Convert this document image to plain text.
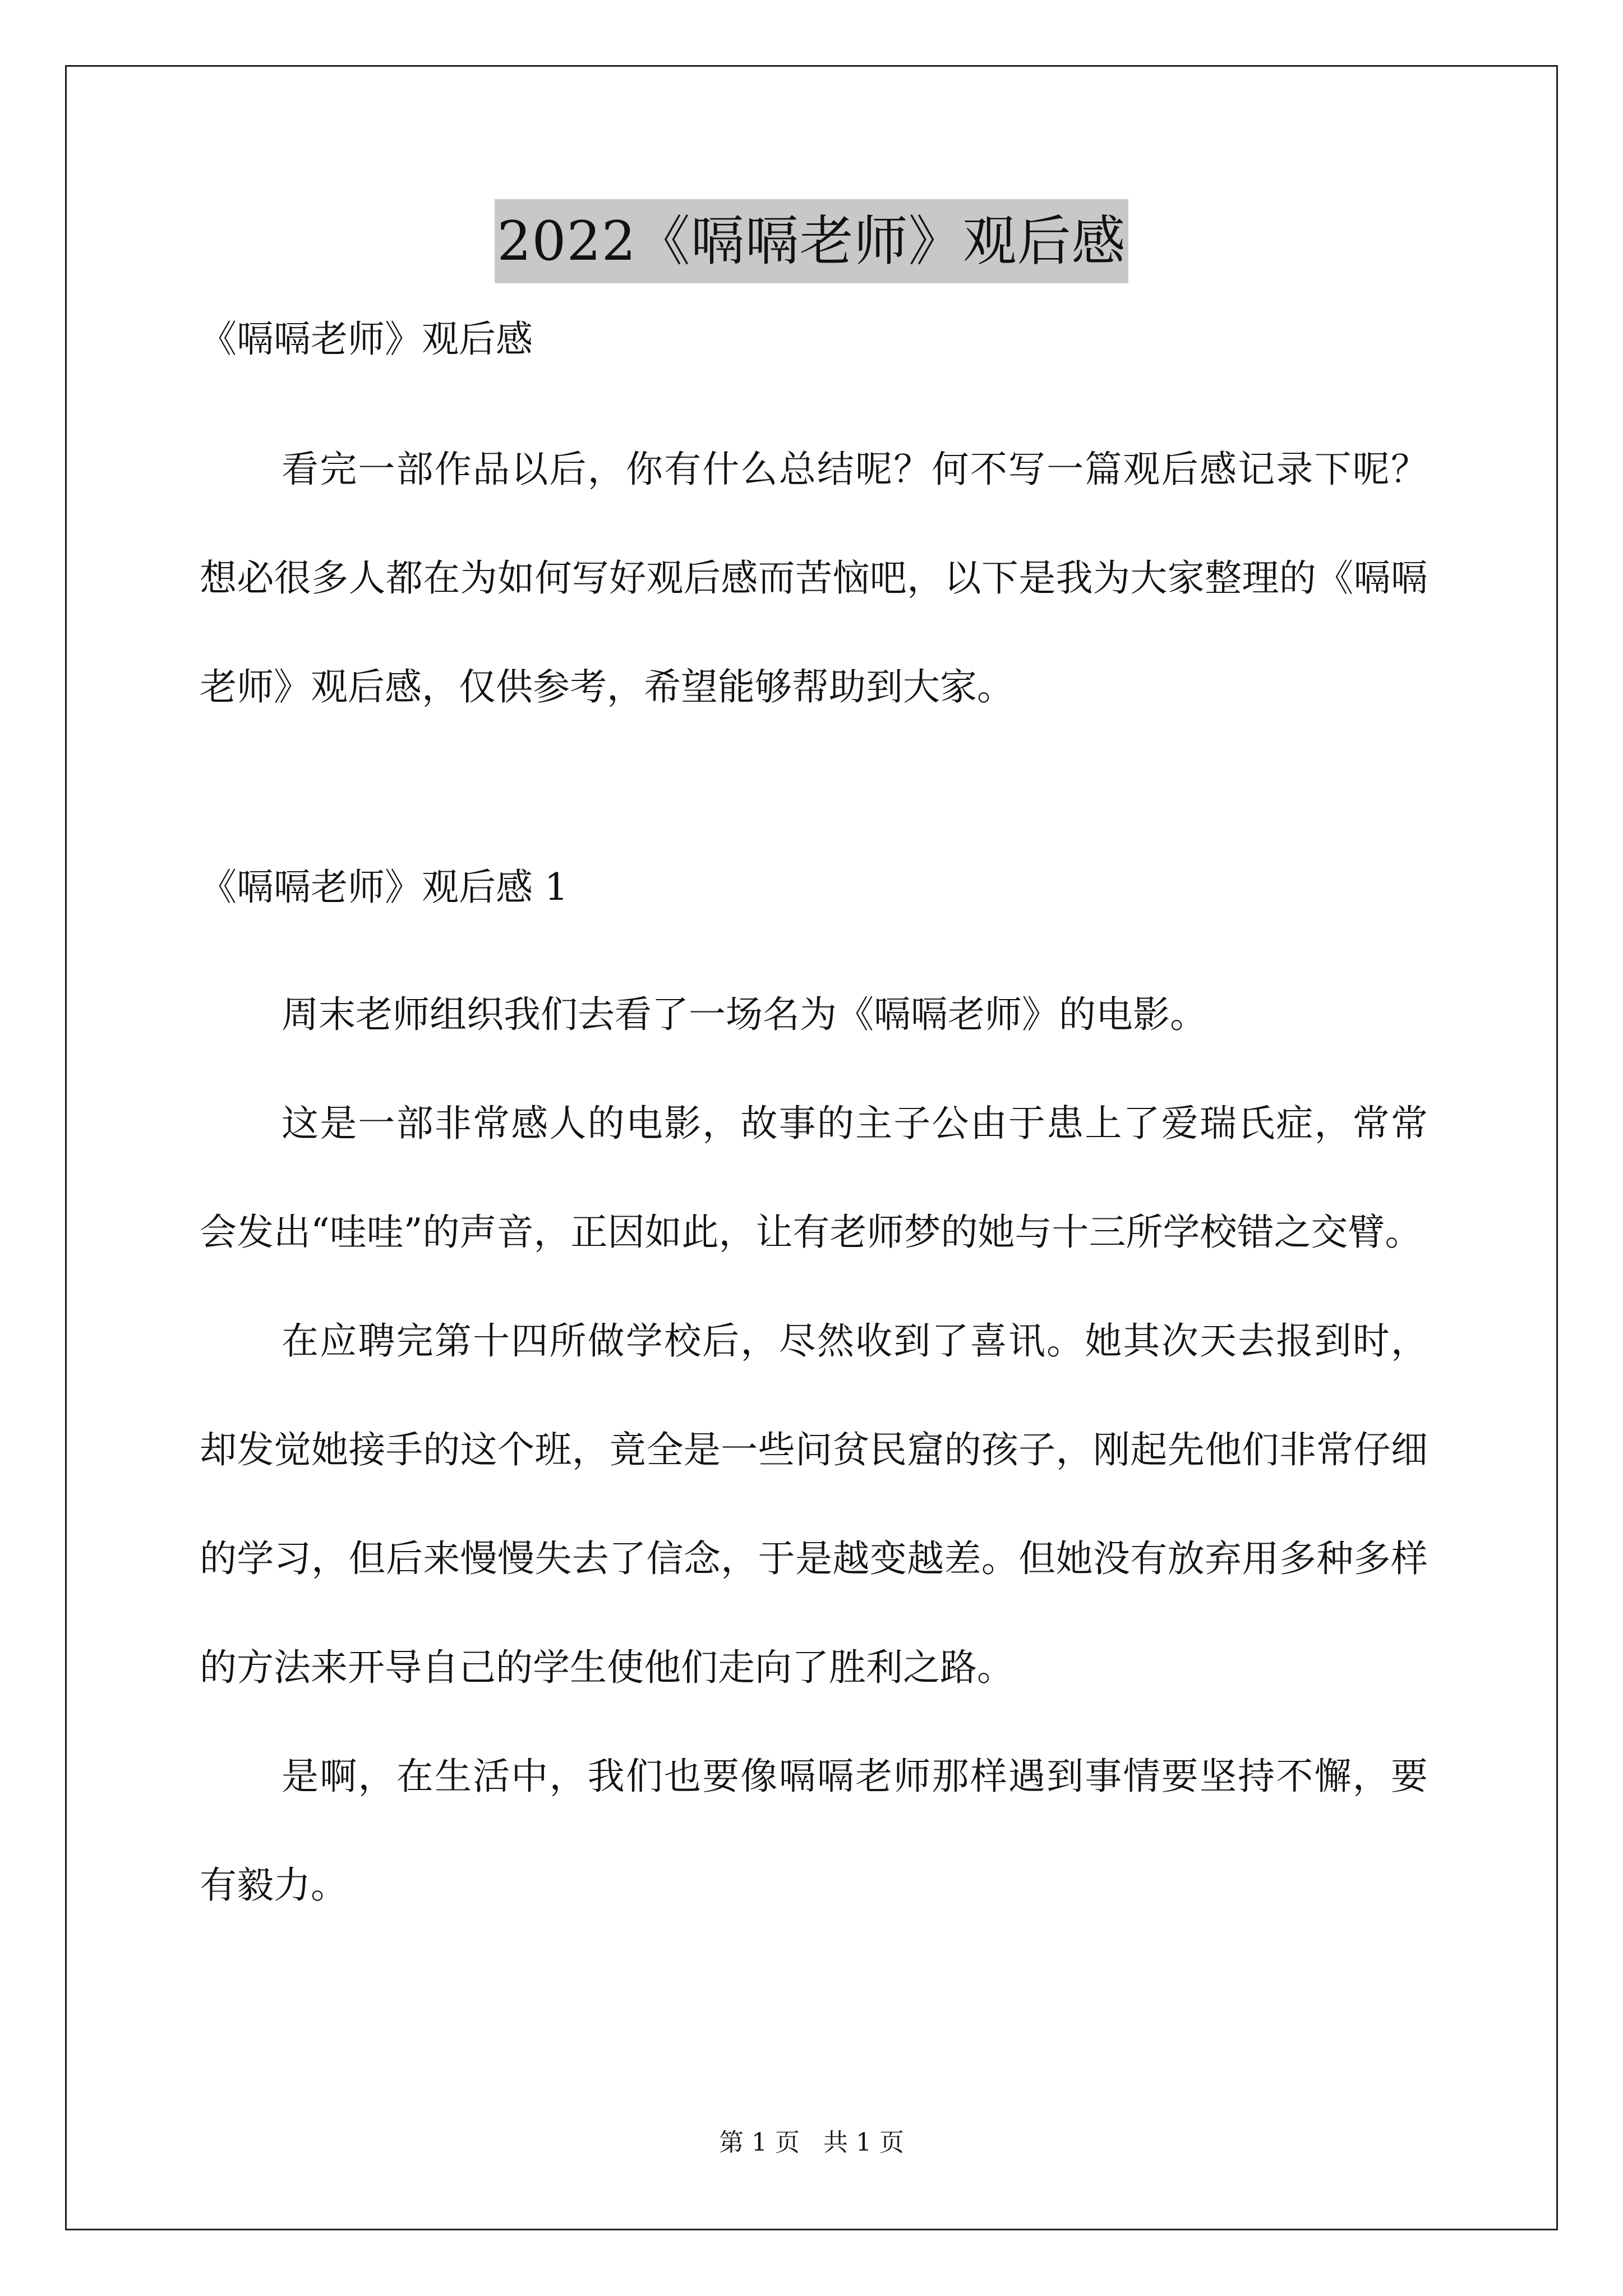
2022《嗝嗝老师》观后感

《嗝嗝老师》观后感

看完一部作品以后，你有什么总结呢？何不写一篇观后感记录下呢？想必很多人都在为如何写好观后感而苦恼吧，以下是我为大家整理的《嗝嗝老师》观后感，仅供参考，希望能够帮助到大家。

《嗝嗝老师》观后感 1

周末老师组织我们去看了一场名为《嗝嗝老师》的电影。

这是一部非常感人的电影，故事的主子公由于患上了爱瑞氏症，常常会发出“哇哇”的声音，正因如此，让有老师梦的她与十三所学校错之交臂。

在应聘完第十四所做学校后，尽然收到了喜讯。她其次天去报到时，却发觉她接手的这个班，竟全是一些问贫民窟的孩子，刚起先他们非常仔细的学习，但后来慢慢失去了信念，于是越变越差。但她没有放弃用多种多样的方法来开导自己的学生使他们走向了胜利之路。

是啊，在生活中，我们也要像嗝嗝老师那样遇到事情要坚持不懈，要有毅力。

第 1 页 共 1 页
